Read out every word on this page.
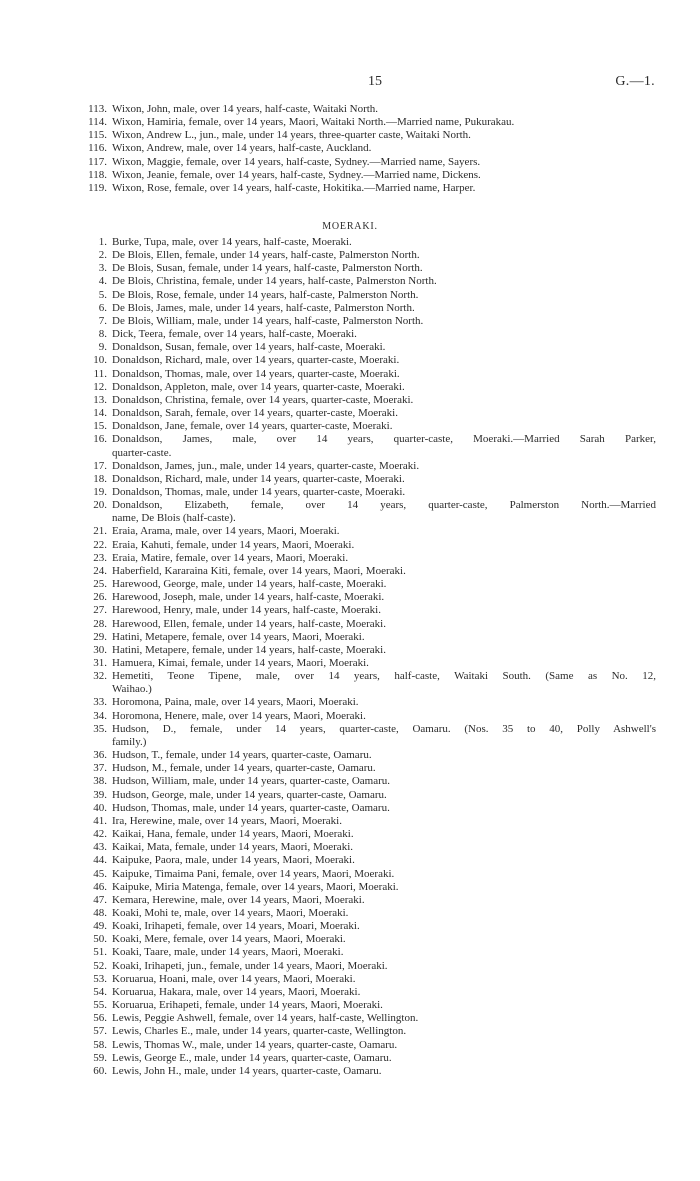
15	G.—1.
113. Wixon, John, male, over 14 years, half-caste, Waitaki North.
114. Wixon, Hamiria, female, over 14 years, Maori, Waitaki North.—Married name, Pukurakau.
115. Wixon, Andrew L., jun., male, under 14 years, three-quarter caste, Waitaki North.
116. Wixon, Andrew, male, over 14 years, half-caste, Auckland.
117. Wixon, Maggie, female, over 14 years, half-caste, Sydney.—Married name, Sayers.
118. Wixon, Jeanie, female, over 14 years, half-caste, Sydney.—Married name, Dickens.
119. Wixon, Rose, female, over 14 years, half-caste, Hokitika.—Married name, Harper.
MOERAKI.
1. Burke, Tupa, male, over 14 years, half-caste, Moeraki.
2. De Blois, Ellen, female, under 14 years, half-caste, Palmerston North.
3. De Blois, Susan, female, under 14 years, half-caste, Palmerston North.
4. De Blois, Christina, female, under 14 years, half-caste, Palmerston North.
5. De Blois, Rose, female, under 14 years, half-caste, Palmerston North.
6. De Blois, James, male, under 14 years, half-caste, Palmerston North.
7. De Blois, William, male, under 14 years, half-caste, Palmerston North.
8. Dick, Teera, female, over 14 years, half-caste, Moeraki.
9. Donaldson, Susan, female, over 14 years, half-caste, Moeraki.
10. Donaldson, Richard, male, over 14 years, quarter-caste, Moeraki.
11. Donaldson, Thomas, male, over 14 years, quarter-caste, Moeraki.
12. Donaldson, Appleton, male, over 14 years, quarter-caste, Moeraki.
13. Donaldson, Christina, female, over 14 years, quarter-caste, Moeraki.
14. Donaldson, Sarah, female, over 14 years, quarter-caste, Moeraki.
15. Donaldson, Jane, female, over 14 years, quarter-caste, Moeraki.
16. Donaldson, James, male, over 14 years, quarter-caste, Moeraki.—Married Sarah Parker,
quarter-caste.
17. Donaldson, James, jun., male, under 14 years, quarter-caste, Moeraki.
18. Donaldson, Richard, male, under 14 years, quarter-caste, Moeraki.
19. Donaldson, Thomas, male, under 14 years, quarter-caste, Moeraki.
20. Donaldson, Elizabeth, female, over 14 years, quarter-caste, Palmerston North.—Married
name, De Blois (half-caste).
21. Eraia, Arama, male, over 14 years, Maori, Moeraki.
22. Eraia, Kahuti, female, under 14 years, Maori, Moeraki.
23. Eraia, Matire, female, over 14 years, Maori, Moeraki.
24. Haberfield, Kararaina Kiti, female, over 14 years, Maori, Moeraki.
25. Harewood, George, male, under 14 years, half-caste, Moeraki.
26. Harewood, Joseph, male, under 14 years, half-caste, Moeraki.
27. Harewood, Henry, male, under 14 years, half-caste, Moeraki.
28. Harewood, Ellen, female, under 14 years, half-caste, Moeraki.
29. Hatini, Metapere, female, over 14 years, Maori, Moeraki.
30. Hatini, Metapere, female, under 14 years, half-caste, Moeraki.
31. Hamuera, Kimai, female, under 14 years, Maori, Moeraki.
32. Hemetiti, Teone Tipene, male, over 14 years, half-caste, Waitaki South. (Same as No. 12,
Waihao.)
33. Horomona, Paina, male, over 14 years, Maori, Moeraki.
34. Horomona, Henere, male, over 14 years, Maori, Moeraki.
35. Hudson, D., female, under 14 years, quarter-caste, Oamaru. (Nos. 35 to 40, Polly Ashwell's
family.)
36. Hudson, T., female, under 14 years, quarter-caste, Oamaru.
37. Hudson, M., female, under 14 years, quarter-caste, Oamaru.
38. Hudson, William, male, under 14 years, quarter-caste, Oamaru.
39. Hudson, George, male, under 14 years, quarter-caste, Oamaru.
40. Hudson, Thomas, male, under 14 years, quarter-caste, Oamaru.
41. Ira, Herewine, male, over 14 years, Maori, Moeraki.
42. Kaikai, Hana, female, under 14 years, Maori, Moeraki.
43. Kaikai, Mata, female, under 14 years, Maori, Moeraki.
44. Kaipuke, Paora, male, under 14 years, Maori, Moeraki.
45. Kaipuke, Timaima Pani, female, over 14 years, Maori, Moeraki.
46. Kaipuke, Miria Matenga, female, over 14 years, Maori, Moeraki.
47. Kemara, Herewine, male, over 14 years, Maori, Moeraki.
48. Koaki, Mohi te, male, over 14 years, Maori, Moeraki.
49. Koaki, Irihapeti, female, over 14 years, Moari, Moeraki.
50. Koaki, Mere, female, over 14 years, Maori, Moeraki.
51. Koaki, Taare, male, under 14 years, Maori, Moeraki.
52. Koaki, Irihapeti, jun., female, under 14 years, Maori, Moeraki.
53. Koruarua, Hoani, male, over 14 years, Maori, Moeraki.
54. Koruarua, Hakara, male, over 14 years, Maori, Moeraki.
55. Koruarua, Erihapeti, female, under 14 years, Maori, Moeraki.
56. Lewis, Peggie Ashwell, female, over 14 years, half-caste, Wellington.
57. Lewis, Charles E., male, under 14 years, quarter-caste, Wellington.
58. Lewis, Thomas W., male, under 14 years, quarter-caste, Oamaru.
59. Lewis, George E., male, under 14 years, quarter-caste, Oamaru.
60. Lewis, John H., male, under 14 years, quarter-caste, Oamaru.
